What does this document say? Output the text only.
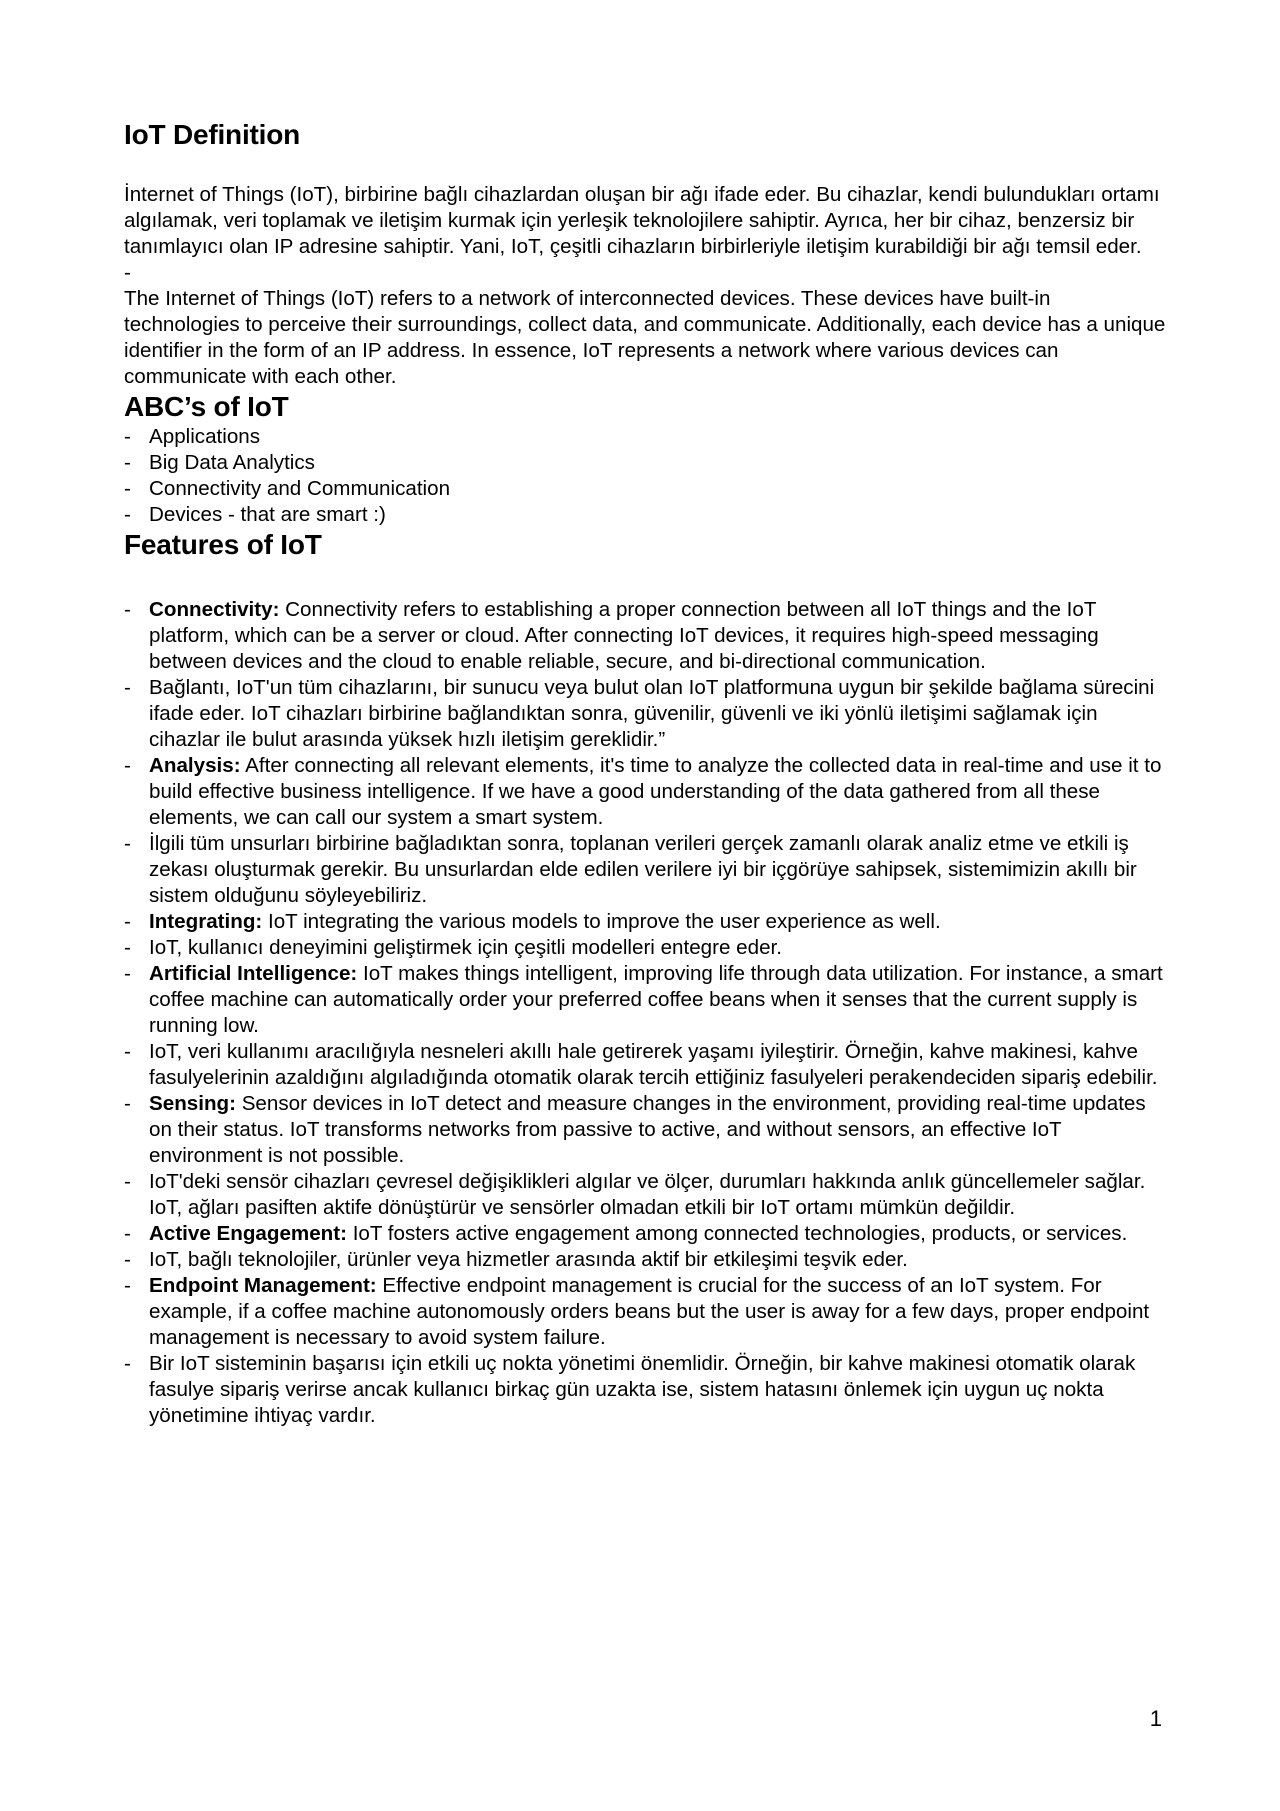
IoT Definition

İnternet of Things (IoT), birbirine bağlı cihazlardan oluşan bir ağı ifade eder. Bu cihazlar, kendi bulundukları ortamı algılamak, veri toplamak ve iletişim kurmak için yerleşik teknolojilere sahiptir. Ayrıca, her bir cihaz, benzersiz bir tanımlayıcı olan IP adresine sahiptir. Yani, IoT, çeşitli cihazların birbirleriyle iletişim kurabildiği bir ağı temsil eder.

-

The Internet of Things (IoT) refers to a network of interconnected devices. These devices have built-in technologies to perceive their surroundings, collect data, and communicate. Additionally, each device has a unique identifier in the form of an IP address. In essence, IoT represents a network where various devices can communicate with each other.

ABC’s of IoT
- Applications
- Big Data Analytics
- Connectivity and Communication
- Devices - that are smart :)
Features of IoT
- Connectivity: Connectivity refers to establishing a proper connection between all IoT things and the IoT platform, which can be a server or cloud. After connecting IoT devices, it requires high-speed messaging between devices and the cloud to enable reliable, secure, and bi-directional communication.
- Bağlantı, IoT'un tüm cihazlarını, bir sunucu veya bulut olan IoT platformuna uygun bir şekilde bağlama sürecini ifade eder. IoT cihazları birbirine bağlandıktan sonra, güvenilir, güvenli ve iki yönlü iletişimi sağlamak için cihazlar ile bulut arasında yüksek hızlı iletişim gereklidir.”
- Analysis: After connecting all relevant elements, it's time to analyze the collected data in real-time and use it to build effective business intelligence. If we have a good understanding of the data gathered from all these elements, we can call our system a smart system.
- İlgili tüm unsurları birbirine bağladıktan sonra, toplanan verileri gerçek zamanlı olarak analiz etme ve etkili iş zekası oluşturmak gerekir. Bu unsurlardan elde edilen verilere iyi bir içgörüye sahipsek, sistemimizin akıllı bir sistem olduğunu söyleyebiliriz.
- Integrating: IoT integrating the various models to improve the user experience as well.
- IoT, kullanıcı deneyimini geliştirmek için çeşitli modelleri entegre eder.
- Artificial Intelligence: IoT makes things intelligent, improving life through data utilization. For instance, a smart coffee machine can automatically order your preferred coffee beans when it senses that the current supply is running low.
- IoT, veri kullanımı aracılığıyla nesneleri akıllı hale getirerek yaşamı iyileştirir. Örneğin, kahve makinesi, kahve fasulyelerinin azaldığını algıladığında otomatik olarak tercih ettiğiniz fasulyeleri perakendeciden sipariş edebilir.
- Sensing: Sensor devices in IoT detect and measure changes in the environment, providing real-time updates on their status. IoT transforms networks from passive to active, and without sensors, an effective IoT environment is not possible.
- IoT'deki sensör cihazları çevresel değişiklikleri algılar ve ölçer, durumları hakkında anlık güncellemeler sağlar. IoT, ağları pasiften aktife dönüştürür ve sensörler olmadan etkili bir IoT ortamı mümkün değildir.
- Active Engagement: IoT fosters active engagement among connected technologies, products, or services.
- IoT, bağlı teknolojiler, ürünler veya hizmetler arasında aktif bir etkileşimi teşvik eder.
- Endpoint Management: Effective endpoint management is crucial for the success of an IoT system. For example, if a coffee machine autonomously orders beans but the user is away for a few days, proper endpoint management is necessary to avoid system failure.
- Bir IoT sisteminin başarısı için etkili uç nokta yönetimi önemlidir. Örneğin, bir kahve makinesi otomatik olarak fasulye sipariş verirse ancak kullanıcı birkaç gün uzakta ise, sistem hatasını önlemek için uygun uç nokta yönetimine ihtiyaç vardır.
1
